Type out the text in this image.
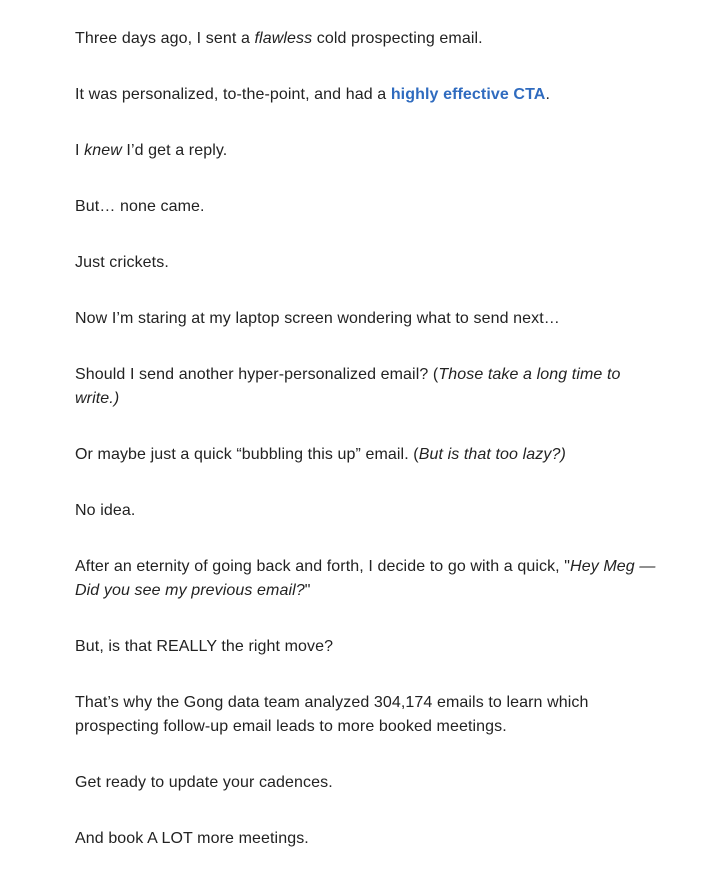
Three days ago, I sent a flawless cold prospecting email.

It was personalized, to-the-point, and had a highly effective CTA.

I knew I’d get a reply.

But… none came.

Just crickets.

Now I’m staring at my laptop screen wondering what to send next…

Should I send another hyper-personalized email? (Those take a long time to write.)

Or maybe just a quick “bubbling this up” email. (But is that too lazy?)

No idea.

After an eternity of going back and forth, I decide to go with a quick, "Hey Meg — Did you see my previous email?"

But, is that REALLY the right move?

That’s why the Gong data team analyzed 304,174 emails to learn which prospecting follow-up email leads to more booked meetings.

Get ready to update your cadences.

And book A LOT more meetings.
